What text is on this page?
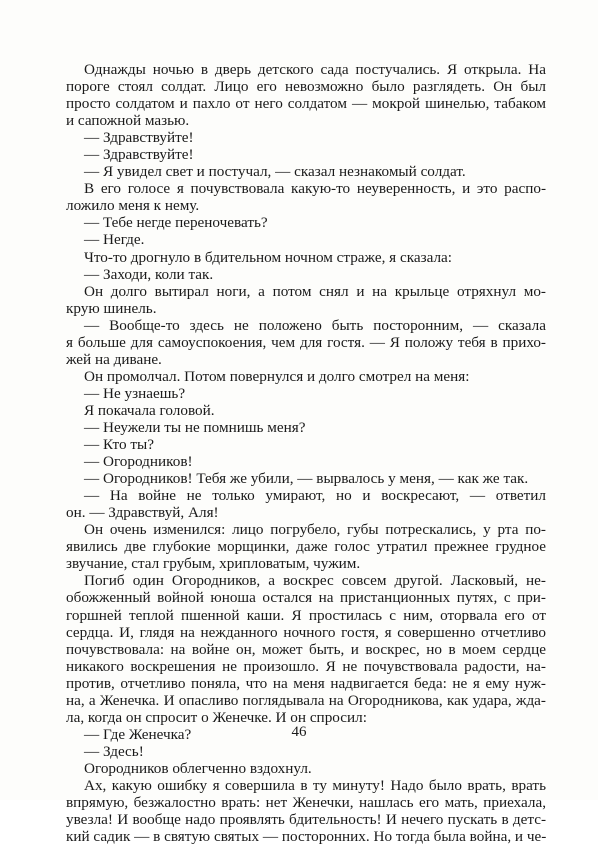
Однажды ночью в дверь детского сада постучались. Я открыла. На
пороге стоял солдат. Лицо его невозможно было разглядеть. Он был
просто солдатом и пахло от него солдатом — мокрой шинелью, табаком
и сапожной мазью.
— Здравствуйте!
— Здравствуйте!
— Я увидел свет и постучал, — сказал незнакомый солдат.
В его голосе я почувствовала какую-то неуверенность, и это распо-
ложило меня к нему.
— Тебе негде переночевать?
— Негде.
Что-то дрогнуло в бдительном ночном страже, я сказала:
— Заходи, коли так.
Он долго вытирал ноги, а потом снял и на крыльце отряхнул мо-
крую шинель.
— Вообще-то здесь не положено быть посторонним, — сказала
я больше для самоуспокоения, чем для гостя. — Я положу тебя в прихо-
жей на диване.
Он промолчал. Потом повернулся и долго смотрел на меня:
— Не узнаешь?
Я покачала головой.
— Неужели ты не помнишь меня?
— Кто ты?
— Огородников!
— Огородников! Тебя же убили, — вырвалось у меня, — как же так.
— На войне не только умирают, но и воскресают, — ответил
он. — Здравствуй, Аля!
Он очень изменился: лицо погрубело, губы потрескались, у рта по-
явились две глубокие морщинки, даже голос утратил прежнее грудное
звучание, стал грубым, хрипловатым, чужим.
Погиб один Огородников, а воскрес совсем другой. Ласковый, не-
обожженный войной юноша остался на пристанционных путях, с при-
горшней теплой пшенной каши. Я простилась с ним, оторвала его от
сердца. И, глядя на нежданного ночного гостя, я совершенно отчетливо
почувствовала: на войне он, может быть, и воскрес, но в моем сердце
никакого воскрешения не произошло. Я не почувствовала радости, на-
против, отчетливо поняла, что на меня надвигается беда: не я ему нуж-
на, а Женечка. И опасливо поглядывала на Огородникова, как удара, жда-
ла, когда он спросит о Женечке. И он спросил:
— Где Женечка?
— Здесь!
Огородников облегченно вздохнул.
Ах, какую ошибку я совершила в ту минуту! Надо было врать, врать
впрямую, безжалостно врать: нет Женечки, нашлась его мать, приехала,
увезла! И вообще надо проявлять бдительность! И нечего пускать в детс-
кий садик — в святую святых — посторонних. Но тогда была война, и че-
46
